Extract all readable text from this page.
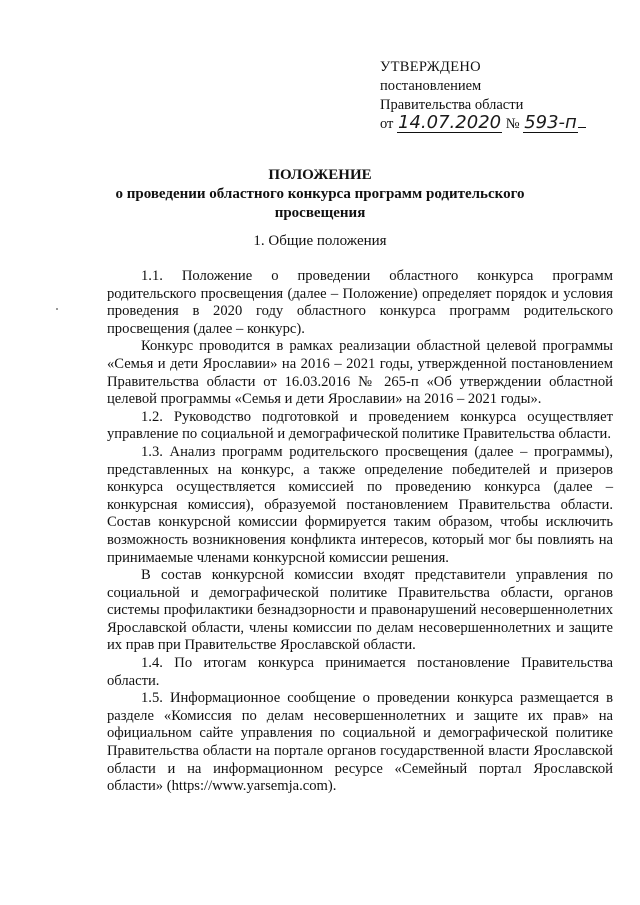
УТВЕРЖДЕНО
постановлением
Правительства области
от 14.07.2020 № 593-п
ПОЛОЖЕНИЕ
о проведении областного конкурса программ родительского
просвещения
1. Общие положения

1.1. Положение о проведении областного конкурса программ родительского просвещения (далее – Положение) определяет порядок и условия проведения в 2020 году областного конкурса программ родительского просвещения (далее – конкурс).

Конкурс проводится в рамках реализации областной целевой программы «Семья и дети Ярославии» на 2016 – 2021 годы, утвержденной постановлением Правительства области от 16.03.2016 № 265-п «Об утверждении областной целевой программы «Семья и дети Ярославии» на 2016 – 2021 годы».

1.2. Руководство подготовкой и проведением конкурса осуществляет управление по социальной и демографической политике Правительства области.

1.3. Анализ программ родительского просвещения (далее – программы), представленных на конкурс, а также определение победителей и призеров конкурса осуществляется комиссией по проведению конкурса (далее – конкурсная комиссия), образуемой постановлением Правительства области. Состав конкурсной комиссии формируется таким образом, чтобы исключить возможность возникновения конфликта интересов, который мог бы повлиять на принимаемые членами конкурсной комиссии решения.

В состав конкурсной комиссии входят представители управления по социальной и демографической политике Правительства области, органов системы профилактики безнадзорности и правонарушений несовершеннолетних Ярославской области, члены комиссии по делам несовершеннолетних и защите их прав при Правительстве Ярославской области.

1.4. По итогам конкурса принимается постановление Правительства области.

1.5. Информационное сообщение о проведении конкурса размещается в разделе «Комиссия по делам несовершеннолетних и защите их прав» на официальном сайте управления по социальной и демографической политике Правительства области на портале органов государственной власти Ярославской области и на информационном ресурсе «Семейный портал Ярославской области» (https://www.yarsemja.com).
